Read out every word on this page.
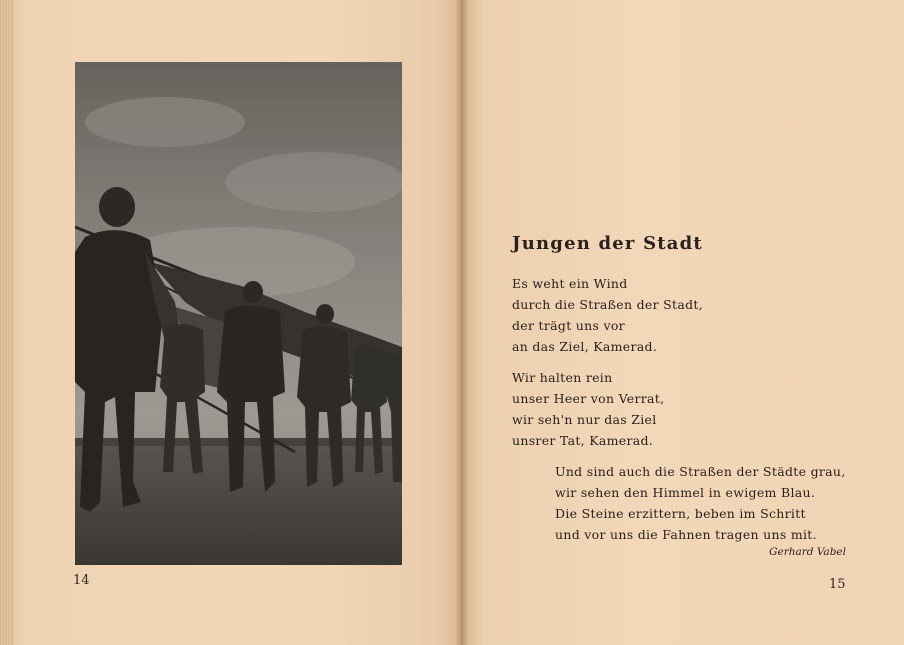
14
Jungen der Stadt
Es weht ein Wind
durch die Straßen der Stadt,
der trägt uns vor
an das Ziel, Kamerad.
Wir halten rein
unser Heer von Verrat,
wir seh'n nur das Ziel
unsrer Tat, Kamerad.
Und sind auch die Straßen der Städte grau,
wir sehen den Himmel in ewigem Blau.
Die Steine erzittern, beben im Schritt
und vor uns die Fahnen tragen uns mit.
Gerhard Vabel
15
